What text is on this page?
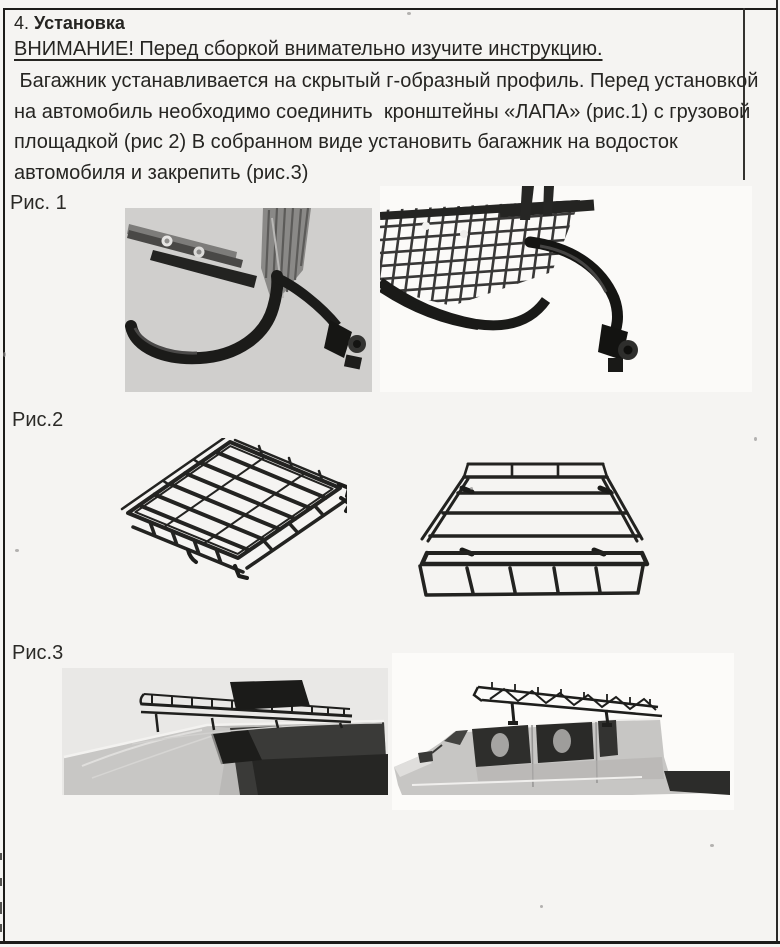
4. Установка
ВНИМАНИЕ! Перед сборкой внимательно изучите инструкцию.
Багажник устанавливается на скрытый г-образный профиль. Перед установкой
на автомобиль необходимо соединить  кронштейны «ЛАПА» (рис.1) с грузовой
площадкой (рис 2) В собранном виде установить багажник на водосток
автомобиля и закрепить (рис.3)
Рис. 1
Рис.2
Рис.3
